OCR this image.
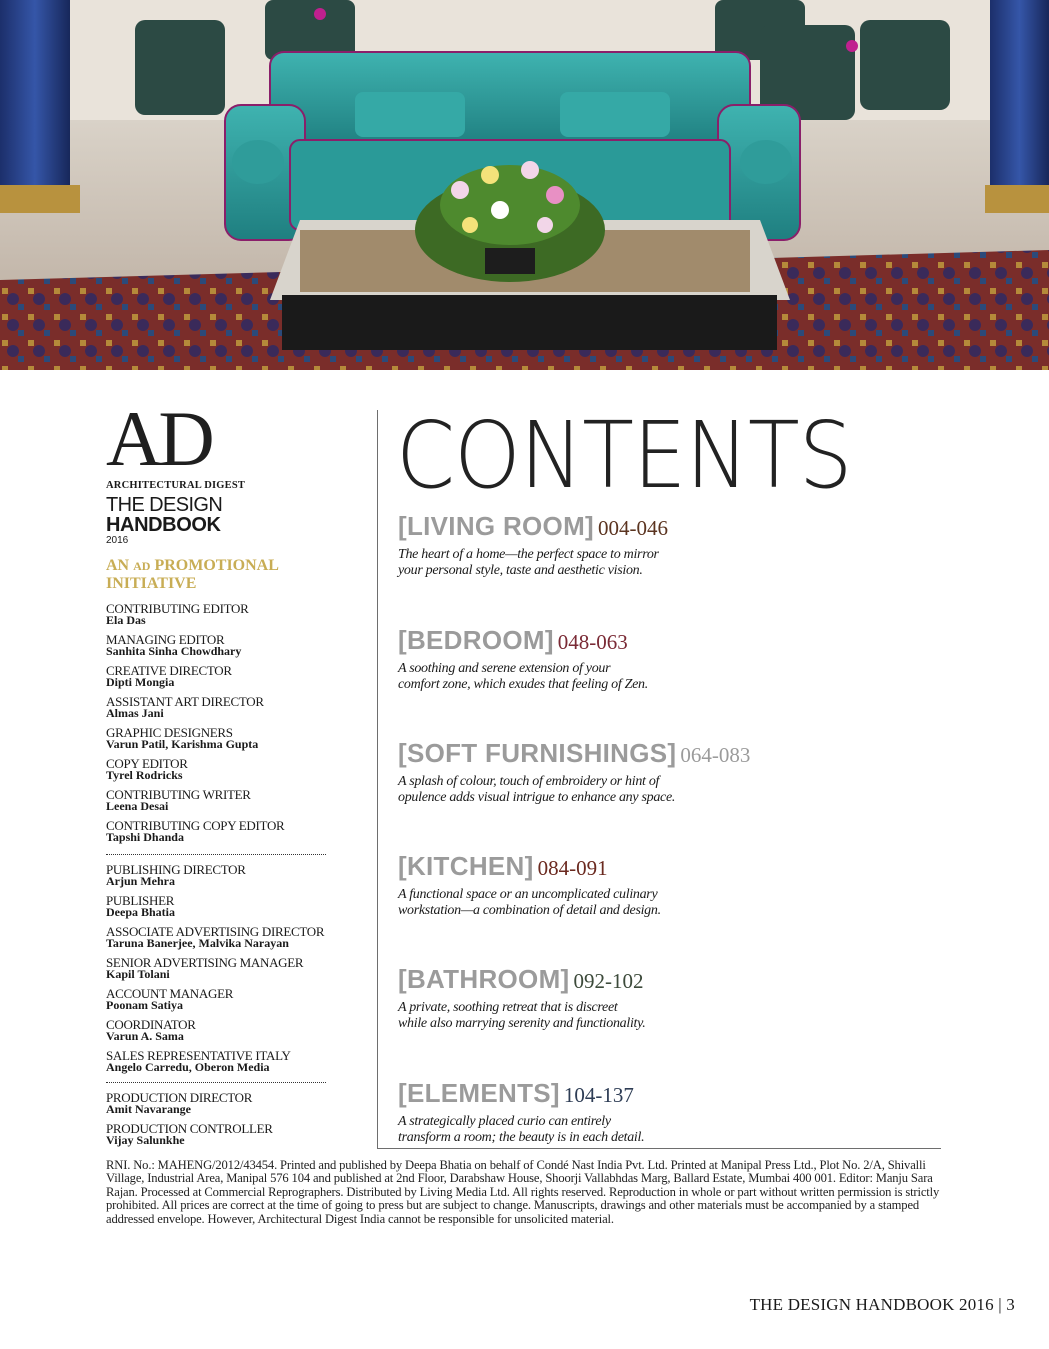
AD
ARCHITECTURAL DIGEST
THE DESIGN
HANDBOOK
2016
AN AD PROMOTIONAL INITIATIVE
CONTRIBUTING EDITOR
Ela Das
MANAGING EDITOR
Sanhita Sinha Chowdhary
CREATIVE DIRECTOR
Dipti Mongia
ASSISTANT ART DIRECTOR
Almas Jani
GRAPHIC DESIGNERS
Varun Patil, Karishma Gupta
COPY EDITOR
Tyrel Rodricks
CONTRIBUTING WRITER
Leena Desai
CONTRIBUTING COPY EDITOR
Tapshi Dhanda
PUBLISHING DIRECTOR
Arjun Mehra
PUBLISHER
Deepa Bhatia
ASSOCIATE ADVERTISING DIRECTOR
Taruna Banerjee, Malvika Narayan
SENIOR ADVERTISING MANAGER
Kapil Tolani
ACCOUNT MANAGER
Poonam Satiya
COORDINATOR
Varun A. Sama
SALES REPRESENTATIVE ITALY
Angelo Carredu, Oberon Media
PRODUCTION DIRECTOR
Amit Navarange
PRODUCTION CONTROLLER
Vijay Salunkhe
CONTENTS
[LIVING ROOM] 004-046
The heart of a home—the perfect space to mirror
your personal style, taste and aesthetic vision.
[BEDROOM] 048-063
A soothing and serene extension of your
comfort zone, which exudes that feeling of Zen.
[SOFT FURNISHINGS] 064-083
A splash of colour, touch of embroidery or hint of
opulence adds visual intrigue to enhance any space.
[KITCHEN] 084-091
A functional space or an uncomplicated culinary
workstation—a combination of detail and design.
[BATHROOM] 092-102
A private, soothing retreat that is discreet
while also marrying serenity and functionality.
[ELEMENTS] 104-137
A strategically placed curio can entirely
transform a room; the beauty is in each detail.
RNI. No.: MAHENG/2012/43454. Printed and published by Deepa Bhatia on behalf of Condé Nast India Pvt. Ltd. Printed at Manipal Press Ltd., Plot No. 2/A, Shivalli Village, Industrial Area, Manipal 576 104 and published at 2nd Floor, Darabshaw House, Shoorji Vallabhdas Marg, Ballard Estate, Mumbai 400 001. Editor: Manju Sara Rajan. Processed at Commercial Reprographers. Distributed by Living Media Ltd. All rights reserved. Reproduction in whole or part without written permission is strictly prohibited. All prices are correct at the time of going to press but are subject to change. Manuscripts, drawings and other materials must be accompanied by a stamped addressed envelope. However, Architectural Digest India cannot be responsible for unsolicited material.
THE DESIGN HANDBOOK 2016 | 3
